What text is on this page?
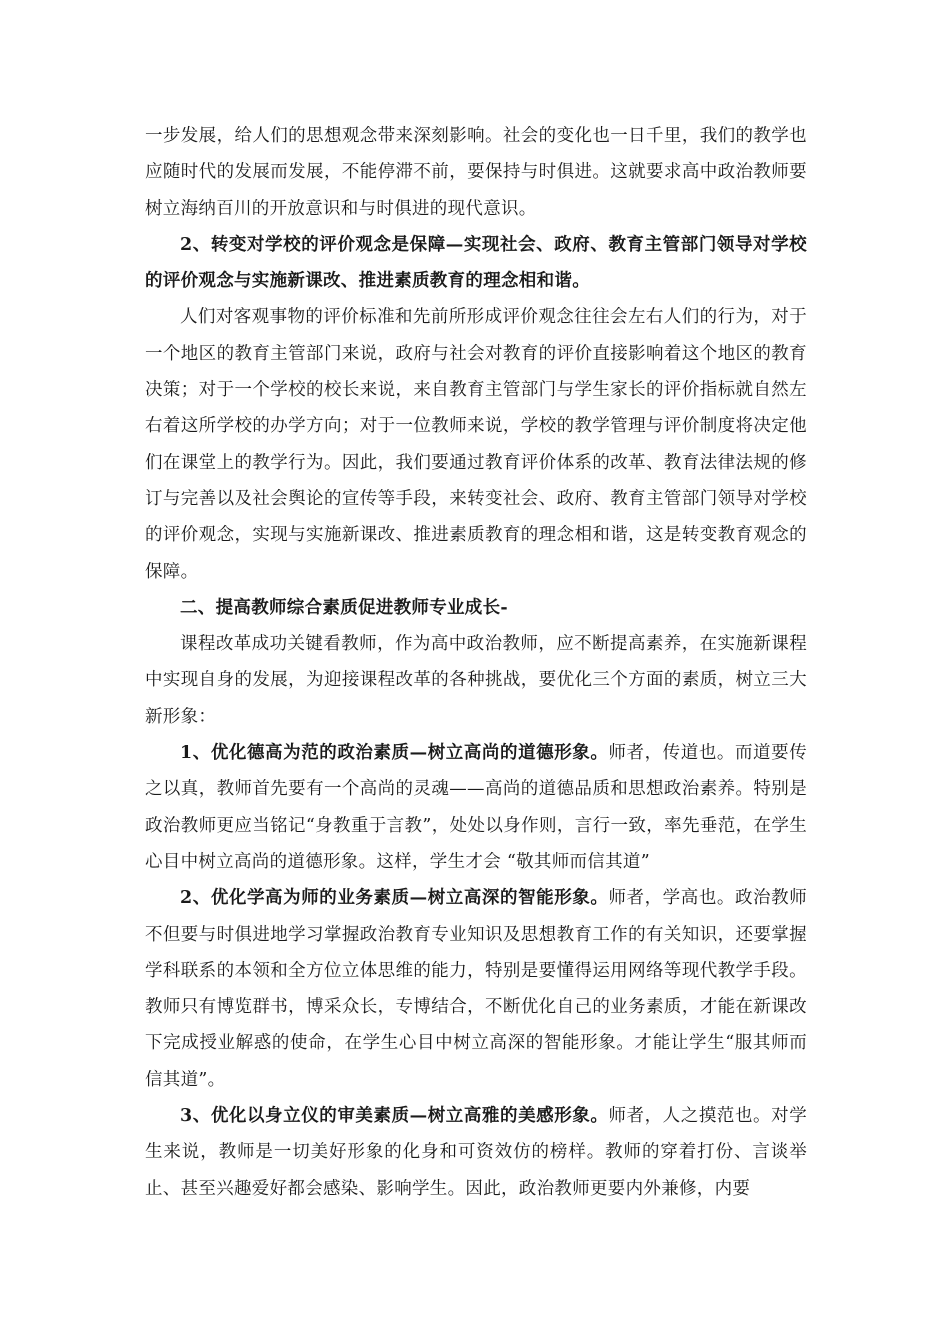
一步发展，给人们的思想观念带来深刻影响。社会的变化也一日千里，我们的教学也应随时代的发展而发展，不能停滞不前，要保持与时俱进。这就要求高中政治教师要树立海纳百川的开放意识和与时俱进的现代意识。

2、转变对学校的评价观念是保障—实现社会、政府、教育主管部门领导对学校的评价观念与实施新课改、推进素质教育的理念相和谐。

人们对客观事物的评价标准和先前所形成评价观念往往会左右人们的行为，对于一个地区的教育主管部门来说，政府与社会对教育的评价直接影响着这个地区的教育决策；对于一个学校的校长来说，来自教育主管部门与学生家长的评价指标就自然左右着这所学校的办学方向；对于一位教师来说，学校的教学管理与评价制度将决定他们在课堂上的教学行为。因此，我们要通过教育评价体系的改革、教育法律法规的修订与完善以及社会舆论的宣传等手段，来转变社会、政府、教育主管部门领导对学校的评价观念，实现与实施新课改、推进素质教育的理念相和谐，这是转变教育观念的保障。

二、提高教师综合素质促进教师专业成长-

课程改革成功关键看教师，作为高中政治教师，应不断提高素养，在实施新课程中实现自身的发展，为迎接课程改革的各种挑战，要优化三个方面的素质，树立三大新形象：

1、优化德高为范的政治素质—树立高尚的道德形象。师者，传道也。而道要传之以真，教师首先要有一个高尚的灵魂——高尚的道德品质和思想政治素养。特别是政治教师更应当铭记“身教重于言教”，处处以身作则，言行一致，率先垂范，在学生心目中树立高尚的道德形象。这样，学生才会 “敬其师而信其道”

2、优化学高为师的业务素质—树立高深的智能形象。师者，学高也。政治教师不但要与时俱进地学习掌握政治教育专业知识及思想教育工作的有关知识，还要掌握学科联系的本领和全方位立体思维的能力，特别是要懂得运用网络等现代教学手段。教师只有博览群书，博采众长，专博结合，不断优化自己的业务素质，才能在新课改下完成授业解惑的使命，在学生心目中树立高深的智能形象。才能让学生“服其师而信其道”。

3、优化以身立仪的审美素质—树立高雅的美感形象。师者，人之摸范也。对学生来说，教师是一切美好形象的化身和可资效仿的榜样。教师的穿着打份、言谈举止、甚至兴趣爱好都会感染、影响学生。因此，政治教师更要内外兼修，内要
